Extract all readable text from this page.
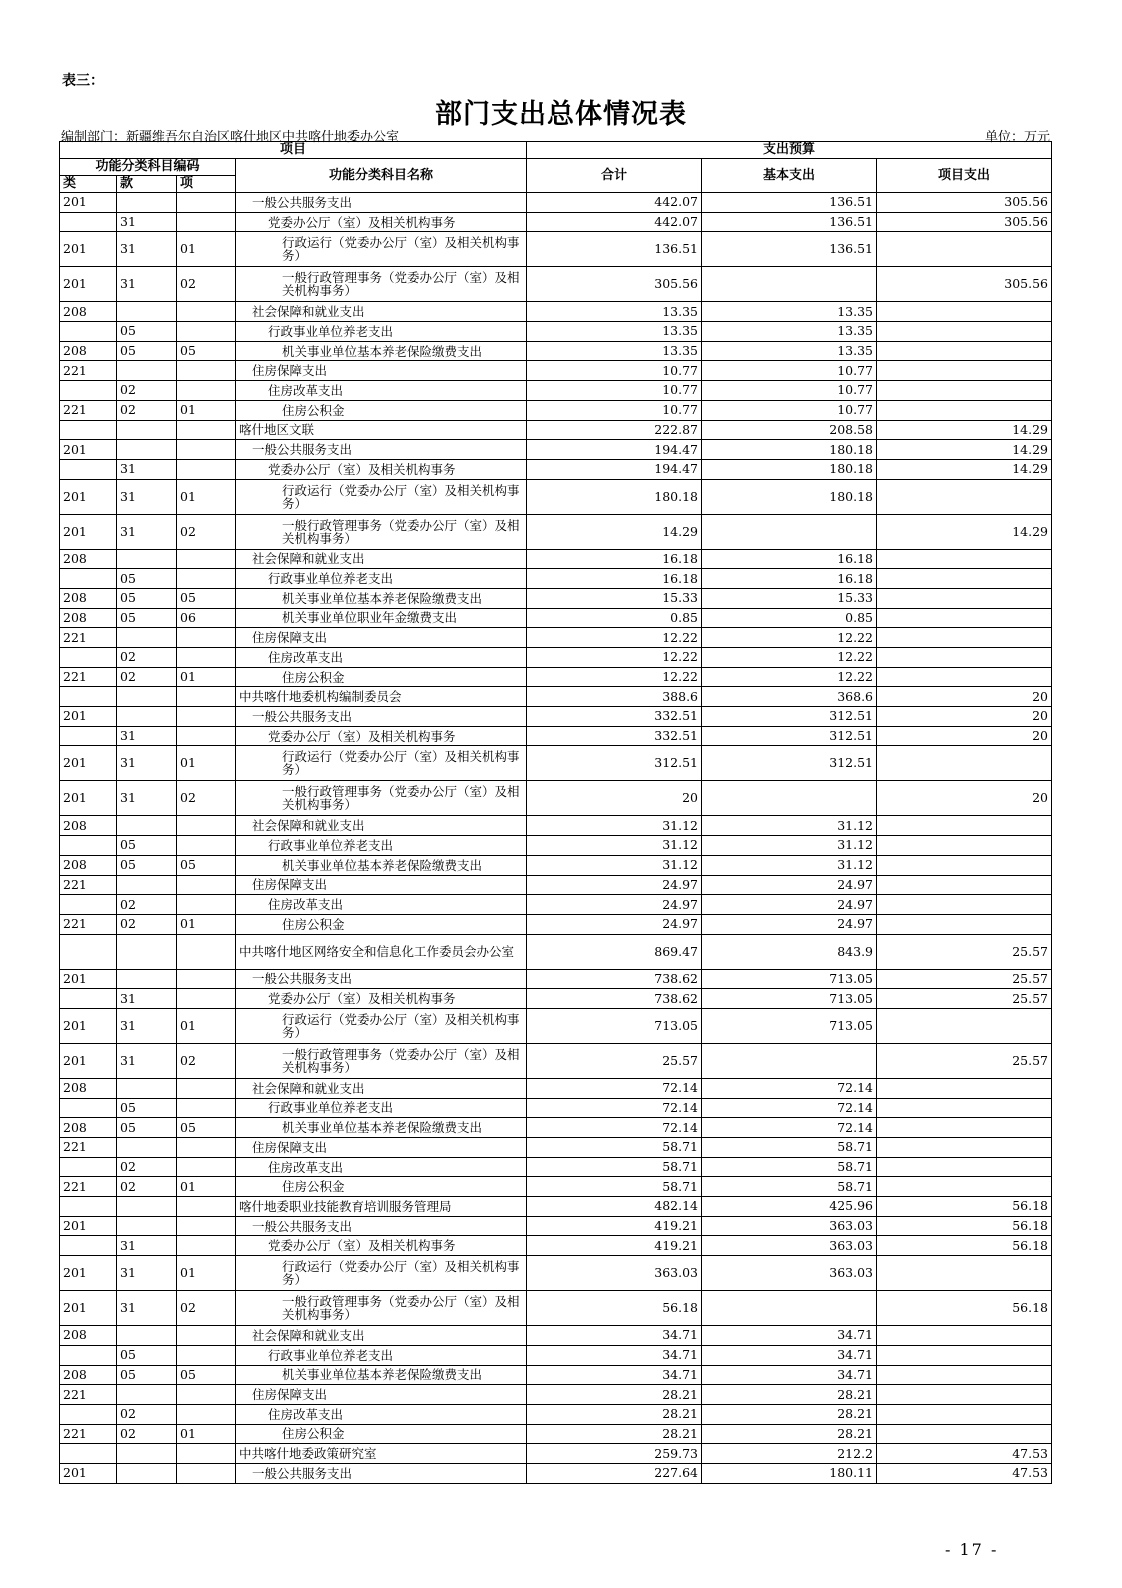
表三：
部门支出总体情况表
编制部门：新疆维吾尔自治区喀什地区中共喀什地委办公室	单位：万元
项目				支出预算		
功能分类科目编码			功能分类科目名称	合计	基本支出	项目支出
类	款	项				
201			一般公共服务支出	442.07	136.51	305.56
	31		党委办公厅（室）及相关机构事务	442.07	136.51	305.56
201	31	01	行政运行（党委办公厅（室）及相关机构事务）	136.51	136.51	
201	31	02	一般行政管理事务（党委办公厅（室）及相关机构事务）	305.56		305.56
208			社会保障和就业支出	13.35	13.35	
	05		行政事业单位养老支出	13.35	13.35	
208	05	05	机关事业单位基本养老保险缴费支出	13.35	13.35	
221			住房保障支出	10.77	10.77	
	02		住房改革支出	10.77	10.77	
221	02	01	住房公积金	10.77	10.77	
			喀什地区文联	222.87	208.58	14.29
201			一般公共服务支出	194.47	180.18	14.29
	31		党委办公厅（室）及相关机构事务	194.47	180.18	14.29
201	31	01	行政运行（党委办公厅（室）及相关机构事务）	180.18	180.18	
201	31	02	一般行政管理事务（党委办公厅（室）及相关机构事务）	14.29		14.29
208			社会保障和就业支出	16.18	16.18	
	05		行政事业单位养老支出	16.18	16.18	
208	05	05	机关事业单位基本养老保险缴费支出	15.33	15.33	
208	05	06	机关事业单位职业年金缴费支出	0.85	0.85	
221			住房保障支出	12.22	12.22	
	02		住房改革支出	12.22	12.22	
221	02	01	住房公积金	12.22	12.22	
			中共喀什地委机构编制委员会	388.6	368.6	20
201			一般公共服务支出	332.51	312.51	20
	31		党委办公厅（室）及相关机构事务	332.51	312.51	20
201	31	01	行政运行（党委办公厅（室）及相关机构事务）	312.51	312.51	
201	31	02	一般行政管理事务（党委办公厅（室）及相关机构事务）	20		20
208			社会保障和就业支出	31.12	31.12	
	05		行政事业单位养老支出	31.12	31.12	
208	05	05	机关事业单位基本养老保险缴费支出	31.12	31.12	
221			住房保障支出	24.97	24.97	
	02		住房改革支出	24.97	24.97	
221	02	01	住房公积金	24.97	24.97	
			中共喀什地区网络安全和信息化工作委员会办公室	869.47	843.9	25.57
201			一般公共服务支出	738.62	713.05	25.57
	31		党委办公厅（室）及相关机构事务	738.62	713.05	25.57
201	31	01	行政运行（党委办公厅（室）及相关机构事务）	713.05	713.05	
201	31	02	一般行政管理事务（党委办公厅（室）及相关机构事务）	25.57		25.57
208			社会保障和就业支出	72.14	72.14	
	05		行政事业单位养老支出	72.14	72.14	
208	05	05	机关事业单位基本养老保险缴费支出	72.14	72.14	
221			住房保障支出	58.71	58.71	
	02		住房改革支出	58.71	58.71	
221	02	01	住房公积金	58.71	58.71	
			喀什地委职业技能教育培训服务管理局	482.14	425.96	56.18
201			一般公共服务支出	419.21	363.03	56.18
	31		党委办公厅（室）及相关机构事务	419.21	363.03	56.18
201	31	01	行政运行（党委办公厅（室）及相关机构事务）	363.03	363.03	
201	31	02	一般行政管理事务（党委办公厅（室）及相关机构事务）	56.18		56.18
208			社会保障和就业支出	34.71	34.71	
	05		行政事业单位养老支出	34.71	34.71	
208	05	05	机关事业单位基本养老保险缴费支出	34.71	34.71	
221			住房保障支出	28.21	28.21	
	02		住房改革支出	28.21	28.21	
221	02	01	住房公积金	28.21	28.21	
			中共喀什地委政策研究室	259.73	212.2	47.53
201			一般公共服务支出	227.64	180.11	47.53
- 17 -
